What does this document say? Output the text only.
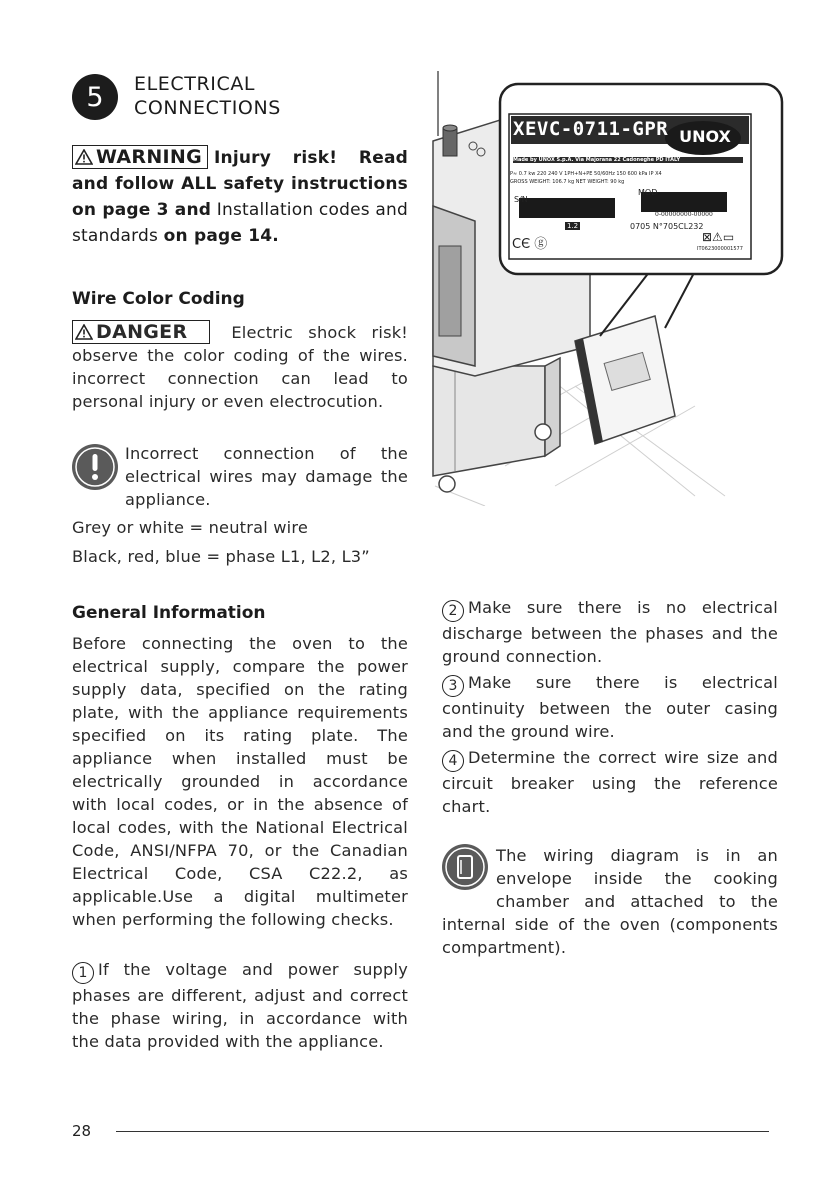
5 ELECTRICAL
CONNECTIONS
WARNING Injury risk! Read and follow ALL safety instructions on page 3 and Installation codes and standards on page 14.
Wire Color Coding
DANGER Electric shock risk! observe the color coding of the wires. incorrect connection can lead to personal injury or even electrocution.
Incorrect connection of the electrical wires may damage the appliance.
Grey or white = neutral wire
Black, red, blue = phase L1, L2, L3”
General Information
Before connecting the oven to the electrical supply, compare the power supply data, specified on the rating plate, with the appliance requirements specified on its rating plate. The appliance when installed must be electrically grounded in accordance with local codes, or in the absence of local codes, with the National Electrical Code, ANSI/NFPA 70, or the Canadian Electrical Code, CSA C22.2, as applicable.Use a digital multimeter when performing the following checks.
1 If the voltage and power supply phases are different, adjust and correct the phase wiring, in accordance with the data provided with the appliance.
2 Make sure there is no electrical discharge between the phases and the ground connection.
3 Make sure there is electrical continuity between the outer casing and the ground wire.
4 Determine the correct wire size and circuit breaker using the reference chart.
The wiring diagram is in an envelope inside the cooking chamber and attached to the internal side of the oven (components compartment).
XEVC-0711-GPR UNOX
Made by UNOX S.p.A. Via Majorana 22 Cadoneghe PD ITALY
P≈ 0.7 kw 220 240 V 1PH+N+PE 50/60Hz 150 600 kPa IP X4
GROSS WEIGHT: 106.7 kg NET WEIGHT: 90 kg
S/N
MOD
0-00000000-00000
1.2	0705 N°705CL232
CЄ ⓖ	⊠⚠▭
IT0623000001577
28
